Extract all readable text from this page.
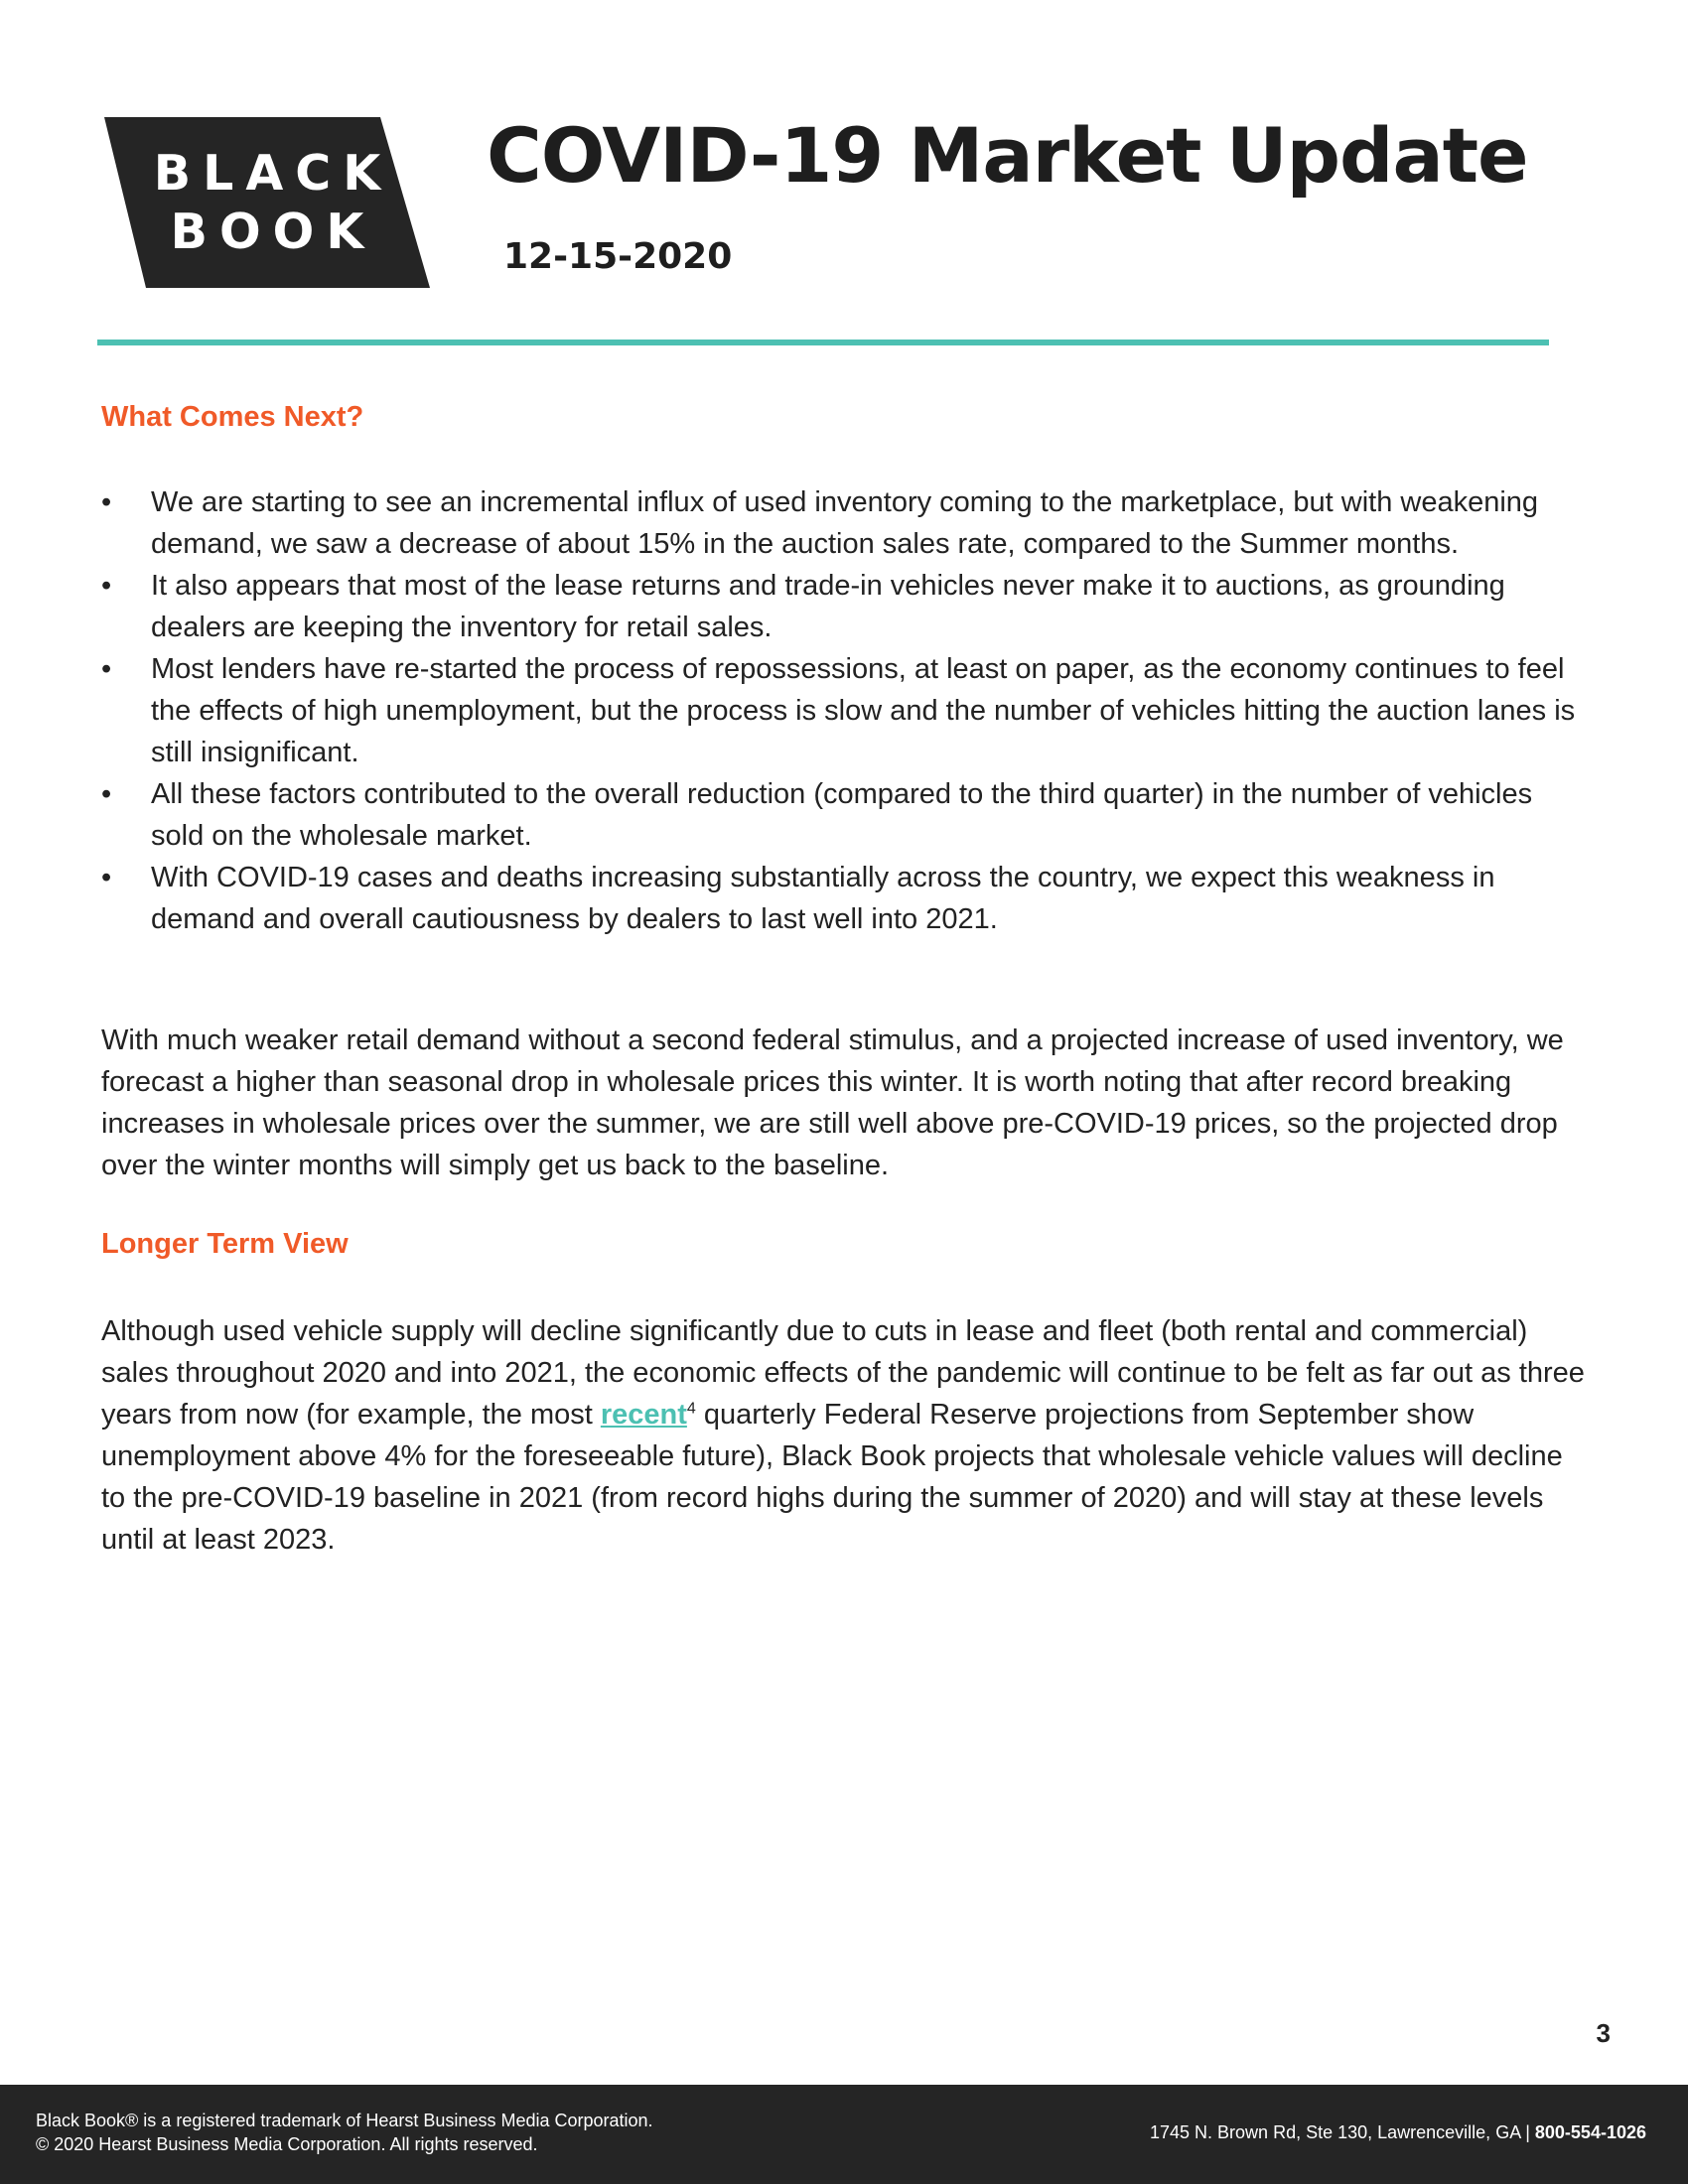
BLACK
BOOK
COVID-19 Market Update
12-15-2020
What Comes Next?
• We are starting to see an incremental influx of used inventory coming to the marketplace, but with weakening demand, we saw a decrease of about 15% in the auction sales rate, compared to the Summer months.
• It also appears that most of the lease returns and trade-in vehicles never make it to auctions, as grounding dealers are keeping the inventory for retail sales.
• Most lenders have re-started the process of repossessions, at least on paper, as the economy continues to feel the effects of high unemployment, but the process is slow and the number of vehicles hitting the auction lanes is still insignificant.
• All these factors contributed to the overall reduction (compared to the third quarter) in the number of vehicles sold on the wholesale market.
• With COVID-19 cases and deaths increasing substantially across the country, we expect this weakness in demand and overall cautiousness by dealers to last well into 2021.

With much weaker retail demand without a second federal stimulus, and a projected increase of used inventory, we forecast a higher than seasonal drop in wholesale prices this winter. It is worth noting that after record breaking increases in wholesale prices over the summer, we are still well above pre-COVID-19 prices, so the projected drop over the winter months will simply get us back to the baseline.

Longer Term View

Although used vehicle supply will decline significantly due to cuts in lease and fleet (both rental and commercial) sales throughout 2020 and into 2021, the economic effects of the pandemic will continue to be felt as far out as three years from now (for example, the most recent$^4$ quarterly Federal Reserve projections from September show unemployment above 4% for the foreseeable future), Black Book projects that wholesale vehicle values will decline to the pre-COVID-19 baseline in 2021 (from record highs during the summer of 2020) and will stay at these levels until at least 2023.

3
Black Book® is a registered trademark of Hearst Business Media Corporation.
© 2020 Hearst Business Media Corporation. All rights reserved.
1745 N. Brown Rd, Ste 130, Lawrenceville, GA | 800-554-1026
